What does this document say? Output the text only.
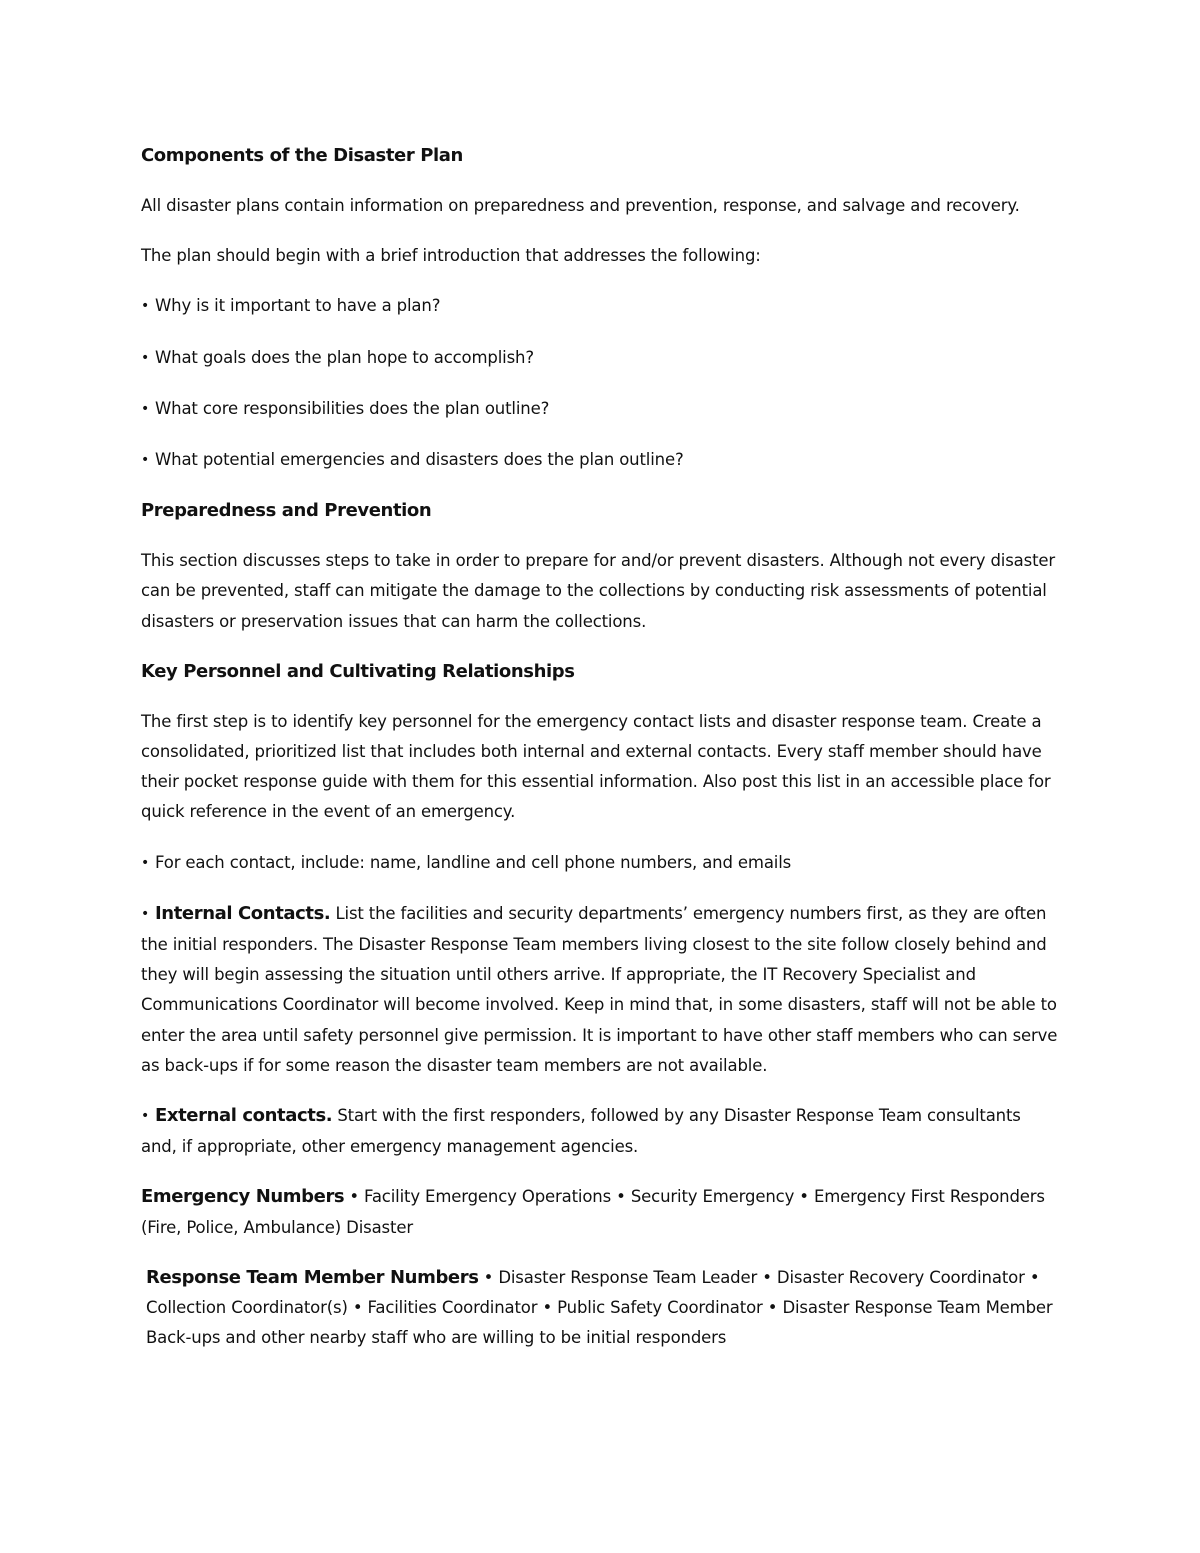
Components of the Disaster Plan

All disaster plans contain information on preparedness and prevention, response, and salvage and recovery.

The plan should begin with a brief introduction that addresses the following:

• Why is it important to have a plan?

• What goals does the plan hope to accomplish?

• What core responsibilities does the plan outline?

• What potential emergencies and disasters does the plan outline?

Preparedness and Prevention

This section discusses steps to take in order to prepare for and/or prevent disasters. Although not every disaster can be prevented, staff can mitigate the damage to the collections by conducting risk assessments of potential disasters or preservation issues that can harm the collections.

Key Personnel and Cultivating Relationships

The first step is to identify key personnel for the emergency contact lists and disaster response team. Create a consolidated, prioritized list that includes both internal and external contacts. Every staff member should have their pocket response guide with them for this essential information. Also post this list in an accessible place for quick reference in the event of an emergency.

• For each contact, include: name, landline and cell phone numbers, and emails

• Internal Contacts. List the facilities and security departments’ emergency numbers first, as they are often the initial responders. The Disaster Response Team members living closest to the site follow closely behind and they will begin assessing the situation until others arrive. If appropriate, the IT Recovery Specialist and Communications Coordinator will become involved. Keep in mind that, in some disasters, staff will not be able to enter the area until safety personnel give permission. It is important to have other staff members who can serve as back-ups if for some reason the disaster team members are not available.

• External contacts. Start with the first responders, followed by any Disaster Response Team consultants and, if appropriate, other emergency management agencies.

Emergency Numbers • Facility Emergency Operations • Security Emergency • Emergency First Responders (Fire, Police, Ambulance) Disaster

Response Team Member Numbers • Disaster Response Team Leader • Disaster Recovery Coordinator • Collection Coordinator(s) • Facilities Coordinator • Public Safety Coordinator • Disaster Response Team Member Back-ups and other nearby staff who are willing to be initial responders
